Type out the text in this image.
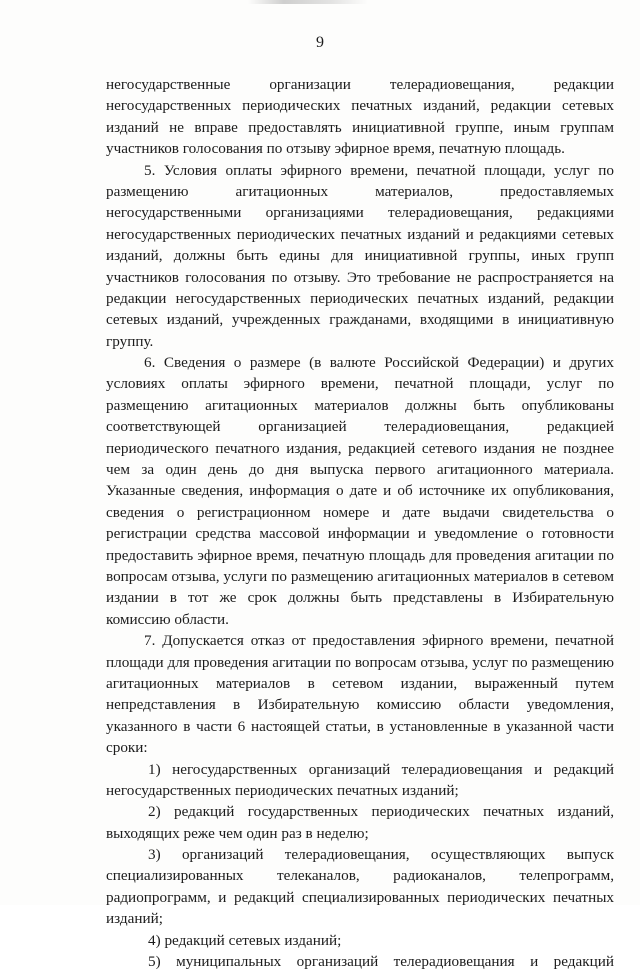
9
негосударственные организации телерадиовещания, редакции
негосударственных периодических печатных изданий, редакции сетевых
изданий не вправе предоставлять инициативной группе, иным группам
участников голосования по отзыву эфирное время, печатную площадь.
5. Условия оплаты эфирного времени, печатной площади, услуг по
размещению агитационных материалов, предоставляемых
негосударственными организациями телерадиовещания, редакциями
негосударственных периодических печатных изданий и редакциями сетевых
изданий, должны быть едины для инициативной группы, иных групп
участников голосования по отзыву. Это требование не распространяется на
редакции негосударственных периодических печатных изданий, редакции
сетевых изданий, учрежденных гражданами, входящими в инициативную
группу.
6. Сведения о размере (в валюте Российской Федерации) и других
условиях оплаты эфирного времени, печатной площади, услуг по
размещению агитационных материалов должны быть опубликованы
соответствующей организацией телерадиовещания, редакцией
периодического печатного издания, редакцией сетевого издания не позднее
чем за один день до дня выпуска первого агитационного материала.
Указанные сведения, информация о дате и об источнике их опубликования,
сведения о регистрационном номере и дате выдачи свидетельства о
регистрации средства массовой информации и уведомление о готовности
предоставить эфирное время, печатную площадь для проведения агитации по
вопросам отзыва, услуги по размещению агитационных материалов в сетевом
издании в тот же срок должны быть представлены в Избирательную
комиссию области.
7. Допускается отказ от предоставления эфирного времени, печатной
площади для проведения агитации по вопросам отзыва, услуг по размещению
агитационных материалов в сетевом издании, выраженный путем
непредставления в Избирательную комиссию области уведомления,
указанного в части 6 настоящей статьи, в установленные в указанной части
сроки:
1) негосударственных организаций телерадиовещания и редакций
негосударственных периодических печатных изданий;
2) редакций государственных периодических печатных изданий,
выходящих реже чем один раз в неделю;
3) организаций телерадиовещания, осуществляющих выпуск
специализированных телеканалов, радиоканалов, телепрограмм,
радиопрограмм, и редакций специализированных периодических печатных
изданий;
4) редакций сетевых изданий;
5) муниципальных организаций телерадиовещания и редакций
